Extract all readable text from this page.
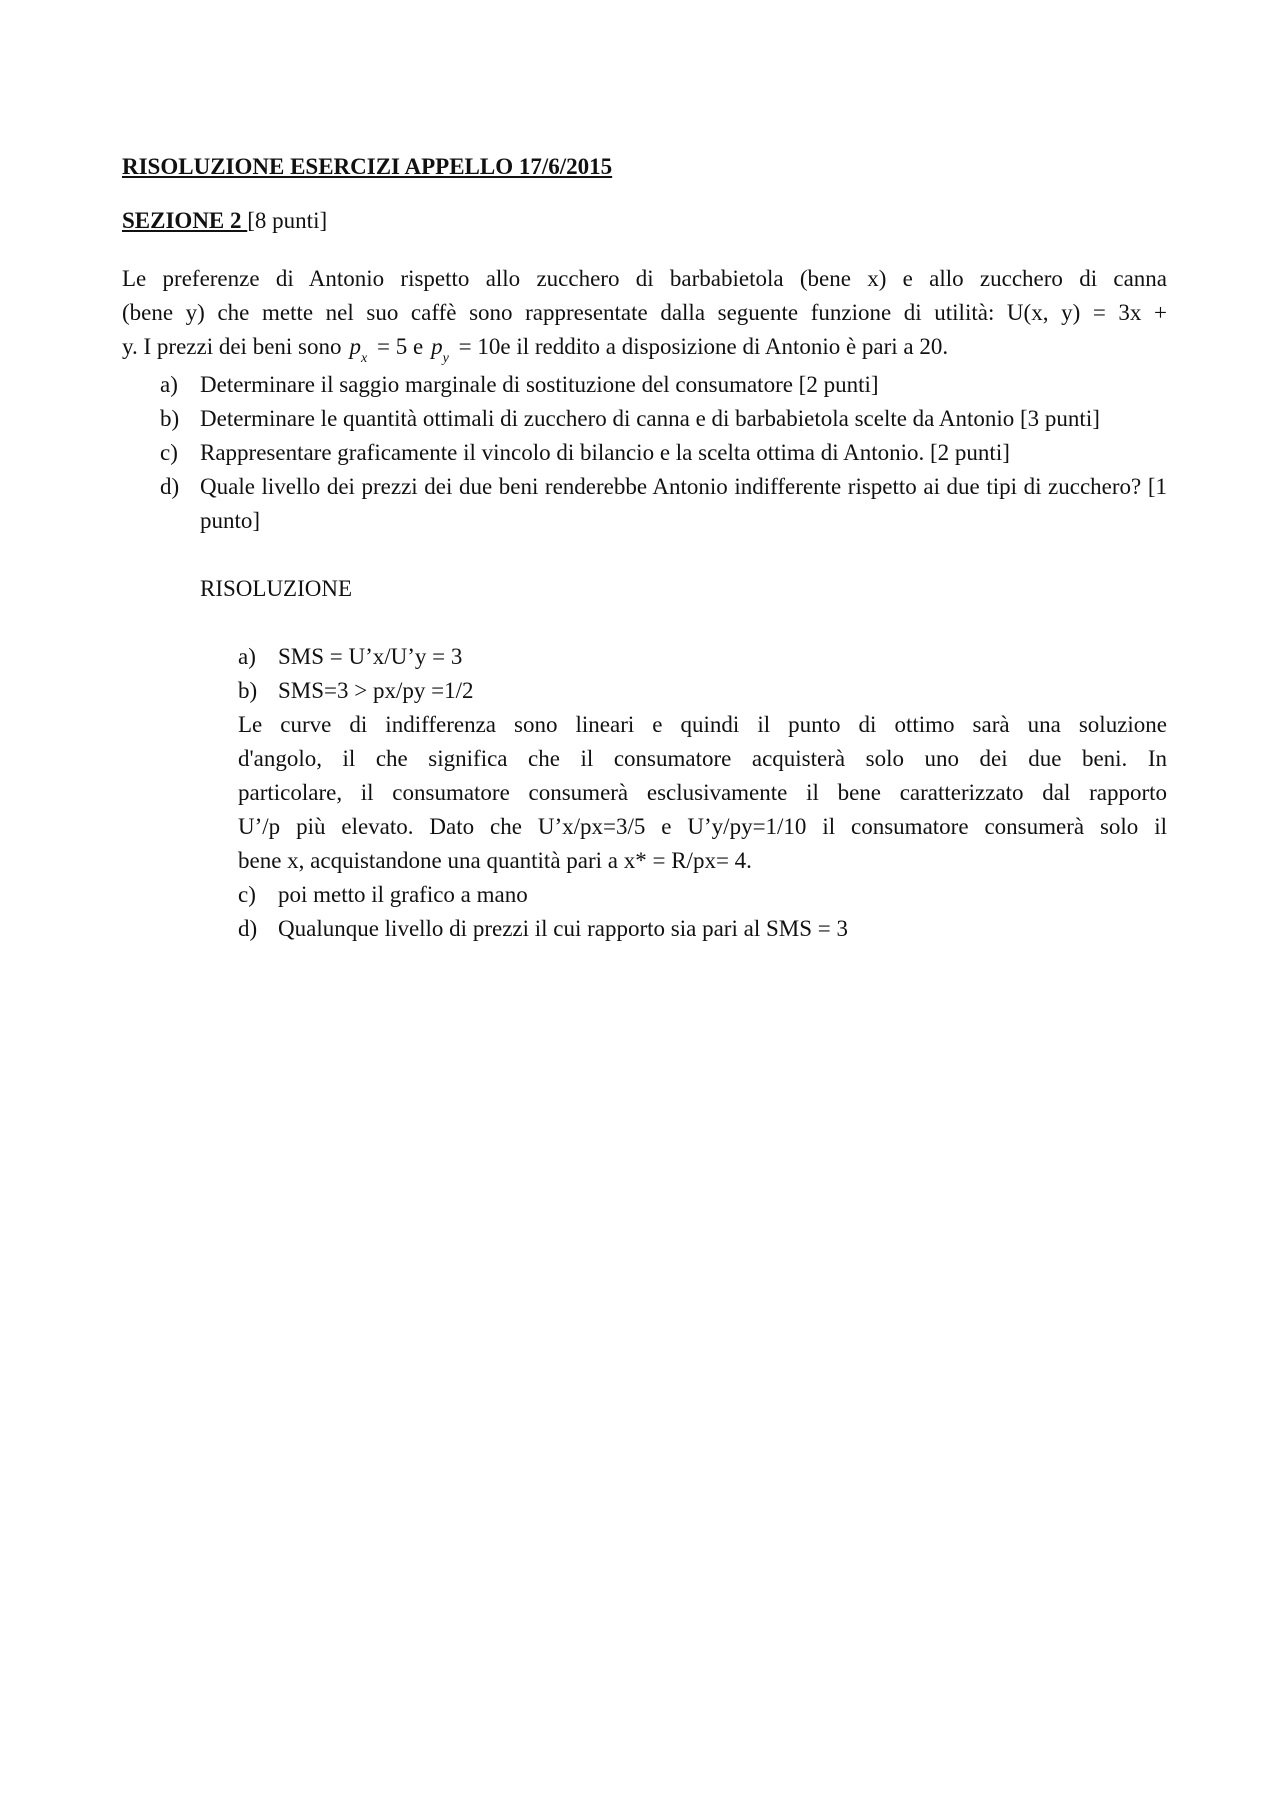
RISOLUZIONE ESERCIZI APPELLO 17/6/2015
SEZIONE 2 [8 punti]
Le preferenze di Antonio rispetto allo zucchero di barbabietola (bene x) e allo zucchero di canna
(bene y) che mette nel suo caffè sono rappresentate dalla seguente funzione di utilità: U(x, y) = 3x +
y. I prezzi dei beni sono $p_x = 5$ e $p_y = 10e$ il reddito a disposizione di Antonio è pari a 20.
a) Determinare il saggio marginale di sostituzione del consumatore [2 punti]
b) Determinare le quantità ottimali di zucchero di canna e di barbabietola scelte da Antonio [3 punti]
c) Rappresentare graficamente il vincolo di bilancio e la scelta ottima di Antonio. [2 punti]
d) Quale livello dei prezzi dei due beni renderebbe Antonio indifferente rispetto ai due tipi di zucchero? [1 punto]
RISOLUZIONE
a) SMS = U’x/U’y = 3
b) SMS=3 > px/py =1/2
Le curve di indifferenza sono lineari e quindi il punto di ottimo sarà una soluzione
d'angolo, il che significa che il consumatore acquisterà solo uno dei due beni. In
particolare, il consumatore consumerà esclusivamente il bene caratterizzato dal rapporto
U’/p più elevato. Dato che U’x/px=3/5 e U’y/py=1/10 il consumatore consumerà solo il
bene x, acquistandone una quantità pari a x* = R/px= 4.
c) poi metto il grafico a mano
d) Qualunque livello di prezzi il cui rapporto sia pari al SMS = 3
